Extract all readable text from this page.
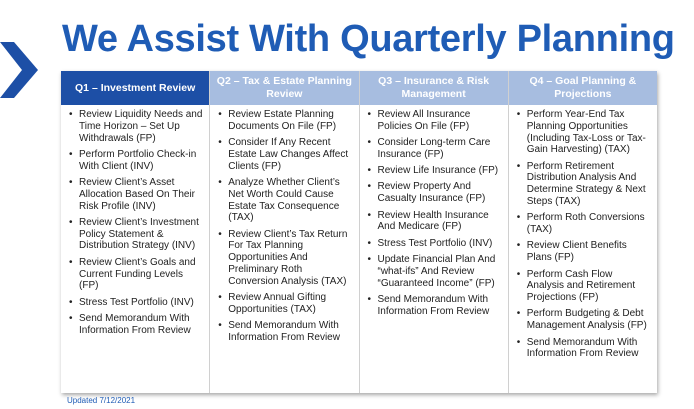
We Assist With Quarterly Planning
Q1 – Investment Review
• Review Liquidity Needs and Time Horizon – Set Up Withdrawals (FP)
• Perform Portfolio Check-in With Client (INV)
• Review Client’s Asset Allocation Based On Their Risk Profile (INV)
• Review Client’s Investment Policy Statement & Distribution Strategy (INV)
• Review Client’s Goals and Current Funding Levels (FP)
• Stress Test Portfolio (INV)
• Send Memorandum With Information From Review
Q2 – Tax & Estate Planning Review
• Review Estate Planning Documents On File (FP)
• Consider If Any Recent Estate Law Changes Affect Clients (FP)
• Analyze Whether Client’s Net Worth Could Cause Estate Tax Consequence (TAX)
• Review Client’s Tax Return For Tax Planning Opportunities And Preliminary Roth Conversion Analysis (TAX)
• Review Annual Gifting Opportunities (TAX)
• Send Memorandum With Information From Review
Q3 – Insurance & Risk Management
• Review All Insurance Policies On File (FP)
• Consider Long-term Care Insurance (FP)
• Review Life Insurance (FP)
• Review Property And Casualty Insurance (FP)
• Review Health Insurance And Medicare (FP)
• Stress Test Portfolio (INV)
• Update Financial Plan And “what-ifs” And Review “Guaranteed Income” (FP)
• Send Memorandum With Information From Review
Q4 – Goal Planning & Projections
• Perform Year-End Tax Planning Opportunities (Including Tax-Loss or Tax-Gain Harvesting) (TAX)
• Perform Retirement Distribution Analysis And Determine Strategy & Next Steps (TAX)
• Perform Roth Conversions (TAX)
• Review Client Benefits Plans (FP)
• Perform Cash Flow Analysis and Retirement Projections (FP)
• Perform Budgeting & Debt Management Analysis (FP)
• Send Memorandum With Information From Review
Updated 7/12/2021
